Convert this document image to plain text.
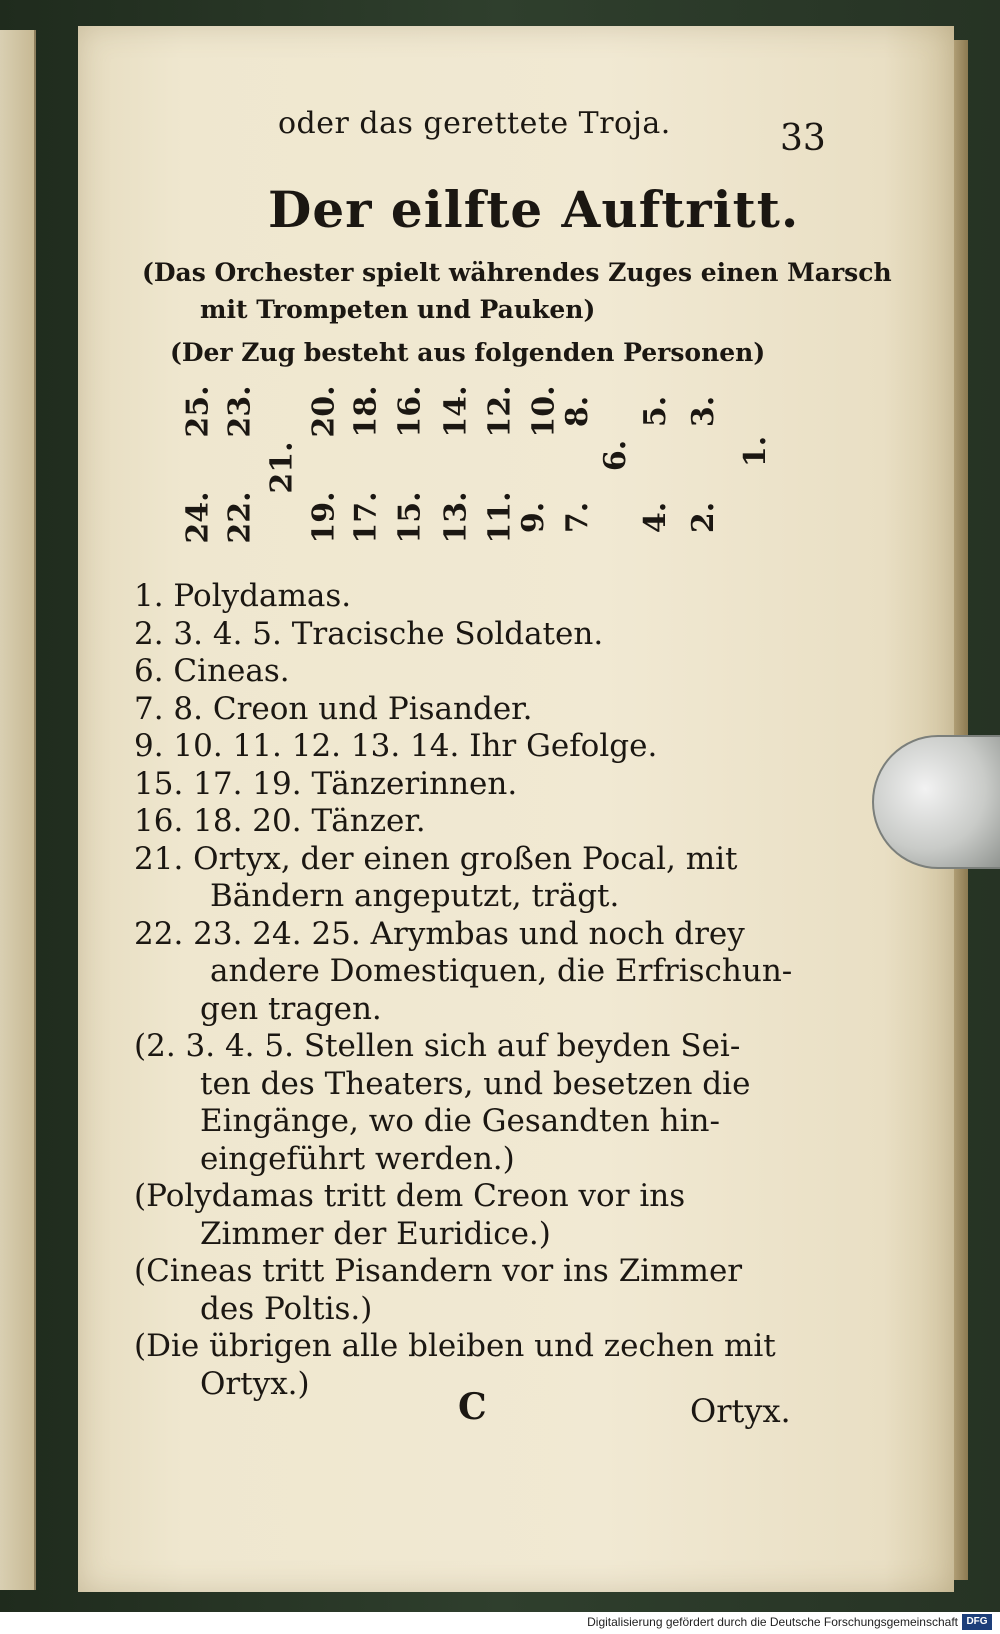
oder das gerettete Troja.	33
Der eilfte Auftritt.
(Das Orchester spielt währendes Zuges einen Marsch
mit Trompeten und Pauken)
(Der Zug besteht aus folgenden Personen)
25. 23. 20. 18. 16. 14. 12. 10.
8. 5. 3.
21.	6.	1.
24. 22. 19. 17. 15. 13. 11.
9. 7. 4. 2.
1. Polydamas.
2. 3. 4. 5. Tracische Soldaten.
6. Cineas.
7. 8. Creon und Pisander.
9. 10. 11. 12. 13. 14. Ihr Gefolge.
15. 17. 19. Tänzerinnen.
16. 18. 20. Tänzer.
21. Ortyx, der einen großen Pocal, mit
Bändern angeputzt, trägt.
22. 23. 24. 25. Arymbas und noch drey
andere Domestiquen, die Erfrischun-
gen tragen.
(2. 3. 4. 5. Stellen sich auf beyden Sei-
ten des Theaters, und besetzen die
Eingänge, wo die Gesandten hin-
eingeführt werden.)
(Polydamas tritt dem Creon vor ins
Zimmer der Euridice.)
(Cineas tritt Pisandern vor ins Zimmer
des Poltis.)
(Die übrigen alle bleiben und zechen mit
Ortyx.)
C	Ortyx.
Digitalisierung gefördert durch die Deutsche Forschungsgemeinschaft DFG
